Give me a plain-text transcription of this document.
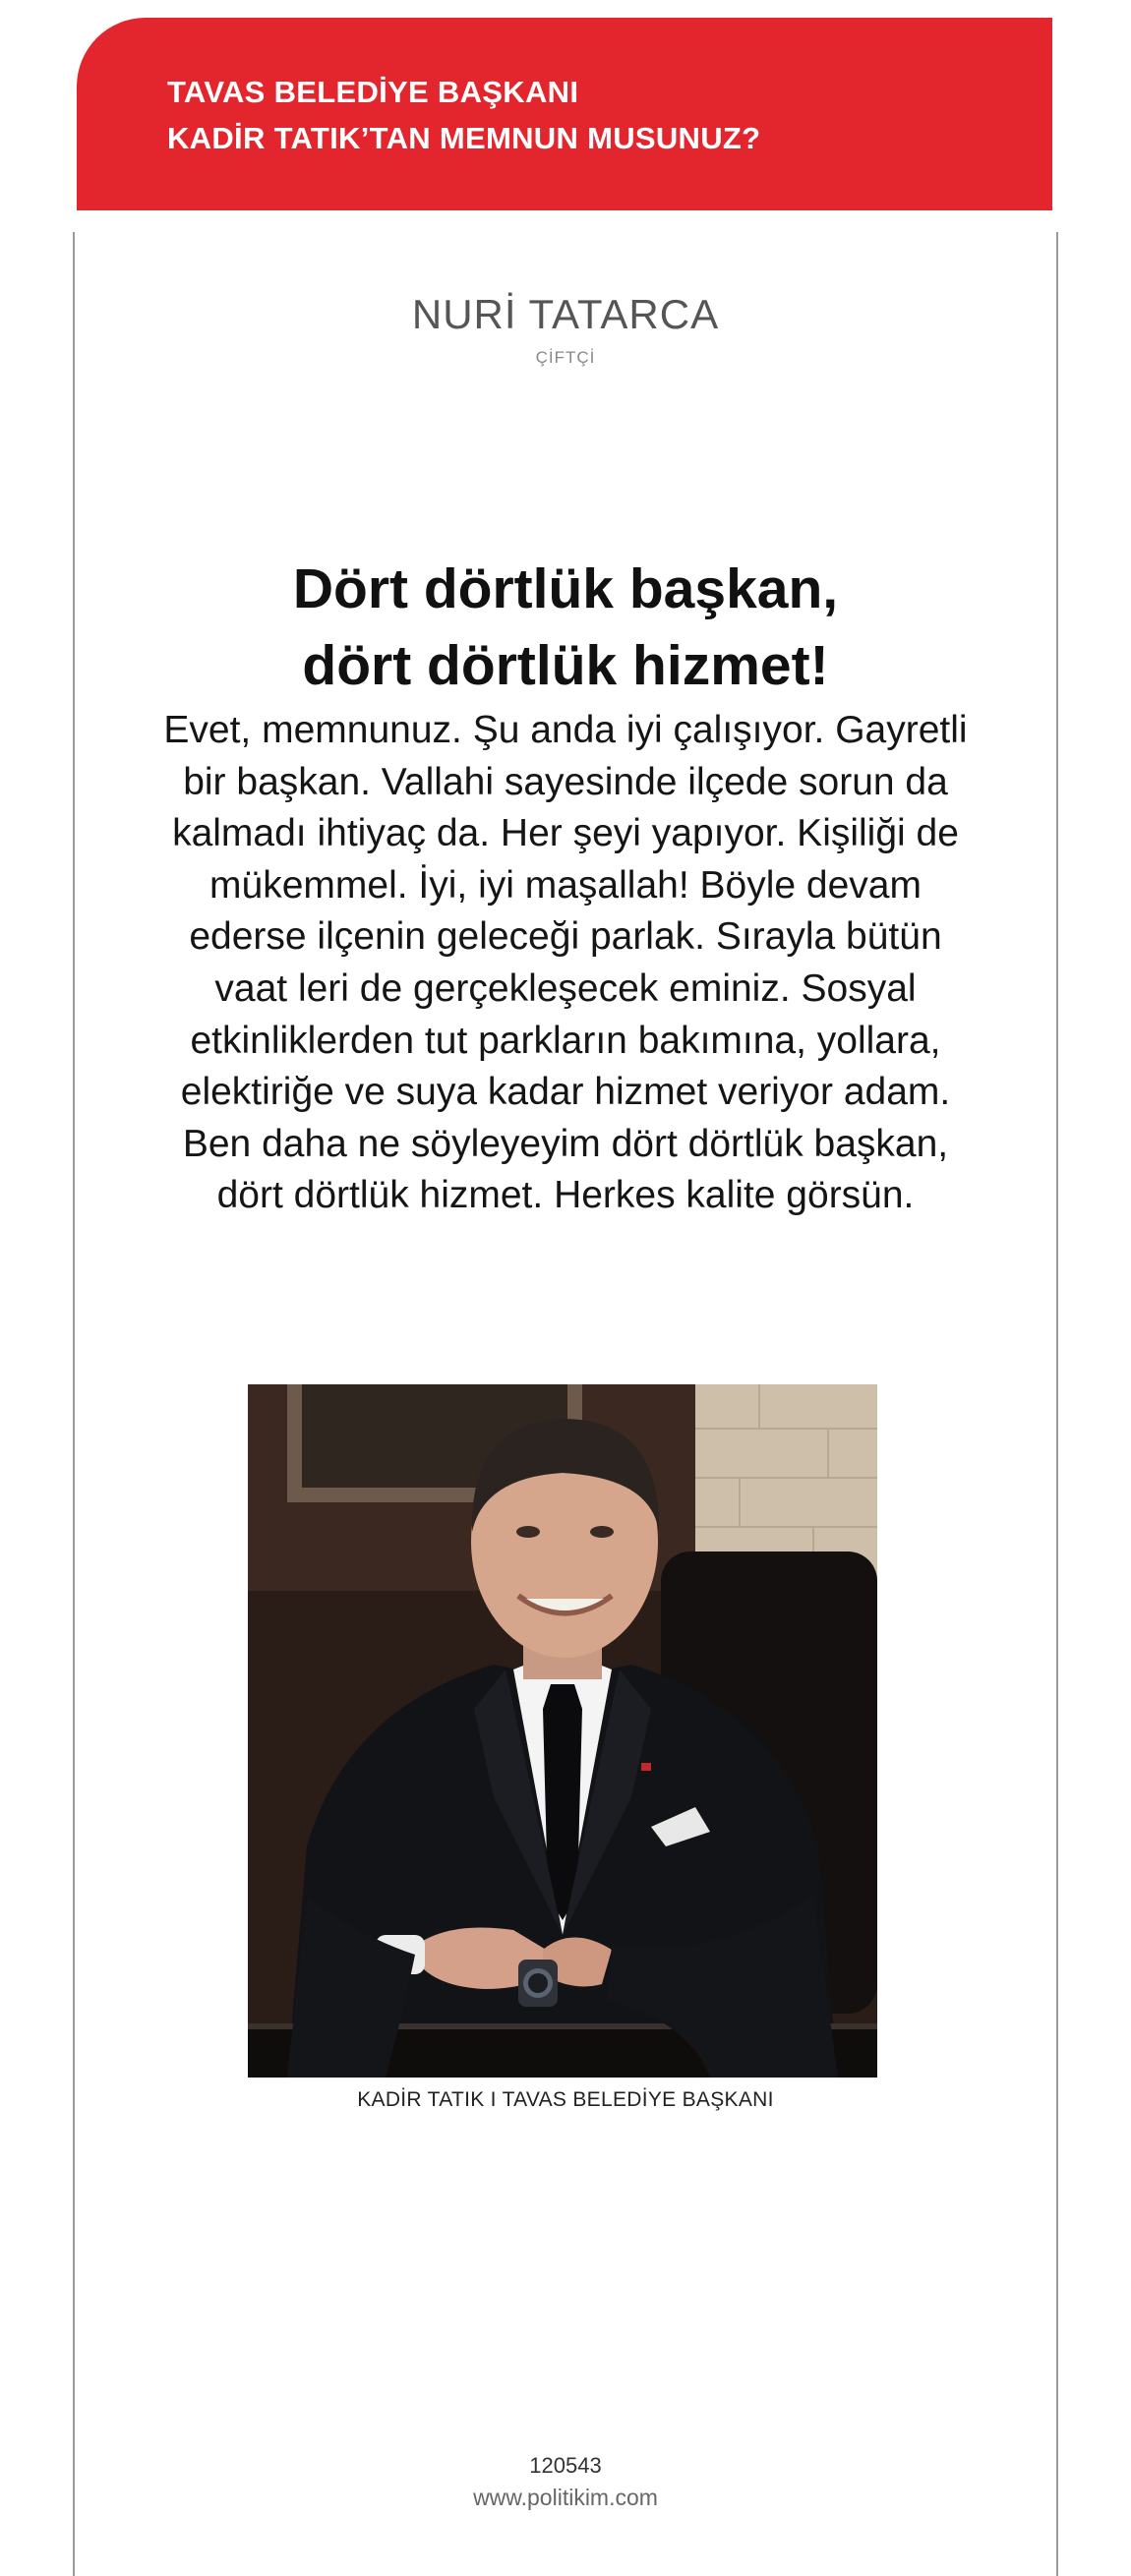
TAVAS BELEDİYE BAŞKANI
KADİR TATIK’TAN MEMNUN MUSUNUZ?
NURİ TATARCA
ÇİFTÇİ
Dört dörtlük başkan,
dört dörtlük hizmet!

Evet, memnunuz. Şu anda iyi çalışıyor. Gayretli bir başkan. Vallahi sayesinde ilçede sorun da kalmadı ihtiyaç da. Her şeyi yapıyor. Kişiliği de mükemmel. İyi, iyi maşallah! Böyle devam ederse ilçenin geleceği parlak. Sırayla bütün vaat leri de gerçekleşecek eminiz. Sosyal etkinliklerden tut parkların bakımına, yollara, elektiriğe ve suya kadar hizmet veriyor adam. Ben daha ne söyleyeyim dört dörtlük başkan, dört dörtlük hizmet. Herkes kalite görsün.

KADİR TATIK I TAVAS BELEDİYE BAŞKANI
120543
www.politikim.com
